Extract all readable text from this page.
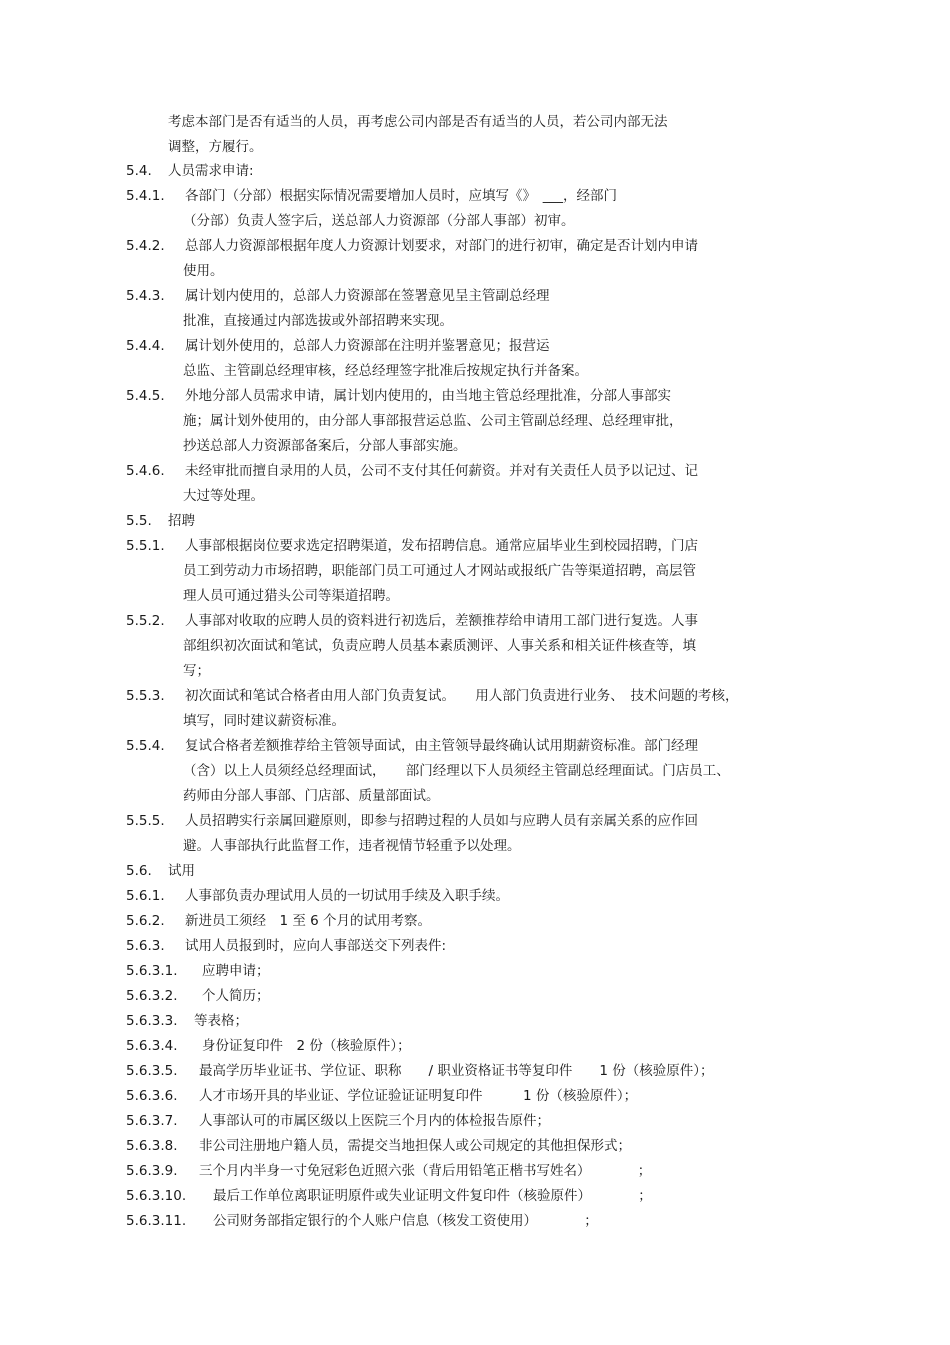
考虑本部门是否有适当的人员，再考虑公司内部是否有适当的人员，若公司内部无法
调整，方履行。
5.4. 人员需求申请:
5.4.1. 各部门（分部）根据实际情况需要增加人员时，应填写《》　___，经部门
（分部）负责人签字后，送总部人力资源部（分部人事部）初审。
5.4.2. 总部人力资源部根据年度人力资源计划要求，对部门的进行初审，确定是否计划内申请
使用。
5.4.3. 属计划内使用的，总部人力资源部在签署意见呈主管副总经理
批准，直接通过内部选拔或外部招聘来实现。
5.4.4. 属计划外使用的，总部人力资源部在注明并鉴署意见；报营运
总监、主管副总经理审核，经总经理签字批准后按规定执行并备案。
5.4.5. 外地分部人员需求申请，属计划内使用的，由当地主管总经理批准，分部人事部实
施；属计划外使用的，由分部人事部报营运总监、公司主管副总经理、总经理审批，
抄送总部人力资源部备案后，分部人事部实施。
5.4.6. 未经审批而擅自录用的人员，公司不支付其任何薪资。并对有关责任人员予以记过、记
大过等处理。
5.5. 招聘
5.5.1. 人事部根据岗位要求选定招聘渠道，发布招聘信息。通常应届毕业生到校园招聘，门店
员工到劳动力市场招聘，职能部门员工可通过人才网站或报纸广告等渠道招聘，高层管
理人员可通过猎头公司等渠道招聘。
5.5.2. 人事部对收取的应聘人员的资料进行初选后，差额推荐给申请用工部门进行复选。人事
部组织初次面试和笔试，负责应聘人员基本素质测评、人事关系和相关证件核查等，填
写；
5.5.3. 初次面试和笔试合格者由用人部门负责复试。　　用人部门负责进行业务、　技术问题的考核，
填写，同时建议薪资标准。
5.5.4. 复试合格者差额推荐给主管领导面试，由主管领导最终确认试用期薪资标准。部门经理
（含）以上人员须经总经理面试，　　部门经理以下人员须经主管副总经理面试。门店员工、
药师由分部人事部、门店部、质量部面试。
5.5.5. 人员招聘实行亲属回避原则，即参与招聘过程的人员如与应聘人员有亲属关系的应作回
避。人事部执行此监督工作，违者视情节轻重予以处理。
5.6. 试用
5.6.1. 人事部负责办理试用人员的一切试用手续及入职手续。
5.6.2. 新进员工须经　1 至 6 个月的试用考察。
5.6.3. 试用人员报到时，应向人事部送交下列表件:
5.6.3.1. 应聘申请；
5.6.3.2. 个人简历；
5.6.3.3. 等表格；
5.6.3.4. 身份证复印件　2 份（核验原件）；
5.6.3.5. 最高学历毕业证书、学位证、职称　　/ 职业资格证书等复印件　　1 份（核验原件）；
5.6.3.6. 人才市场开具的毕业证、学位证验证证明复印件　　　1 份（核验原件）；
5.6.3.7. 人事部认可的市属区级以上医院三个月内的体检报告原件；
5.6.3.8. 非公司注册地户籍人员，需提交当地担保人或公司规定的其他担保形式；
5.6.3.9. 三个月内半身一寸免冠彩色近照六张（背后用铅笔正楷书写姓名）　　　　；
5.6.3.10. 最后工作单位离职证明原件或失业证明文件复印件（核验原件）　　　　；
5.6.3.11. 公司财务部指定银行的个人账户信息（核发工资使用）　　　　；
